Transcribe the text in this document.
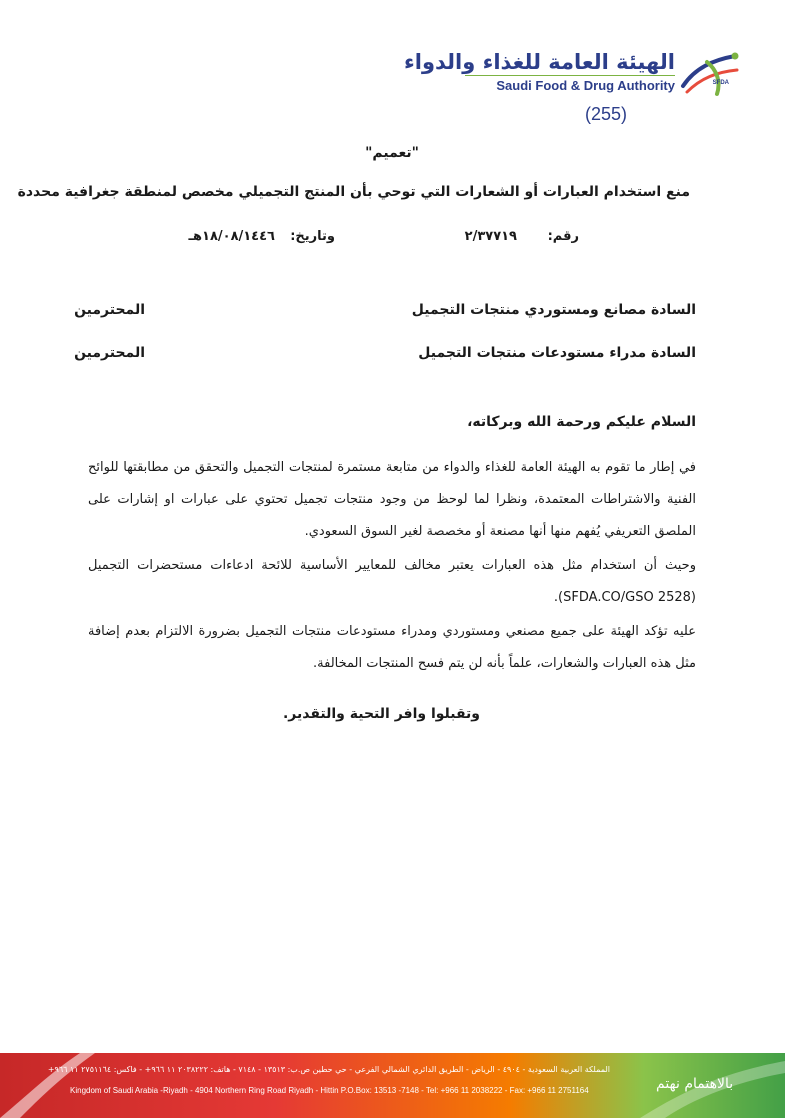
الهيئة العامة للغذاء والدواء
Saudi Food & Drug Authority	SFDA
(255)
"تعميم"
منع استخدام العبارات أو الشعارات التي توحي بأن المنتج التجميلي مخصص لمنطقة جغرافية محددة
رقم:
٢/٣٧٧١٩
وتاريخ:
١٨/٠٨/١٤٤٦هـ
السادة مصانع ومستوردي منتجات التجميل
المحترمين
السادة مدراء مستودعات منتجات التجميل
المحترمين
السلام عليكم ورحمة الله وبركاته،
في إطار ما تقوم به الهيئة العامة للغذاء والدواء من متابعة مستمرة لمنتجات التجميل والتحقق من مطابقتها للوائح الفنية والاشتراطات المعتمدة، ونظرا لما لوحظ من وجود منتجات تجميل تحتوي على عبارات او إشارات على الملصق التعريفي يُفهم منها أنها مصنعة أو مخصصة لغير السوق السعودي.
وحيث أن استخدام مثل هذه العبارات يعتبر مخالف للمعايير الأساسية للائحة ادعاءات مستحضرات التجميل (SFDA.CO/GSO 2528).
عليه تؤكد الهيئة على جميع مصنعي ومستوردي ومدراء مستودعات منتجات التجميل بضرورة الالتزام بعدم إضافة مثل هذه العبارات والشعارات، علماً بأنه لن يتم فسح المنتجات المخالفة.
وتقبلوا وافر التحية والتقدير.
المملكة العربية السعودية - ٤٩٠٤ - الرياض - الطريق الدائري الشمالي الفرعي - حي حطين ص.ب: ١٣٥١٣ - ٧١٤٨ - هاتف: ٢٠٣٨٢٢٢ ١١ ٩٦٦+ - فاكس: ٢٧٥١١٦٤ ١١ ٩٦٦+
Kingdom of Saudi Arabia -Riyadh - 4904 Northern Ring Road Riyadh - Hittin P.O.Box: 13513 -7148 - Tel: +966 11 2038222 - Fax: +966 11 2751164	بالاهتمام نهتم
